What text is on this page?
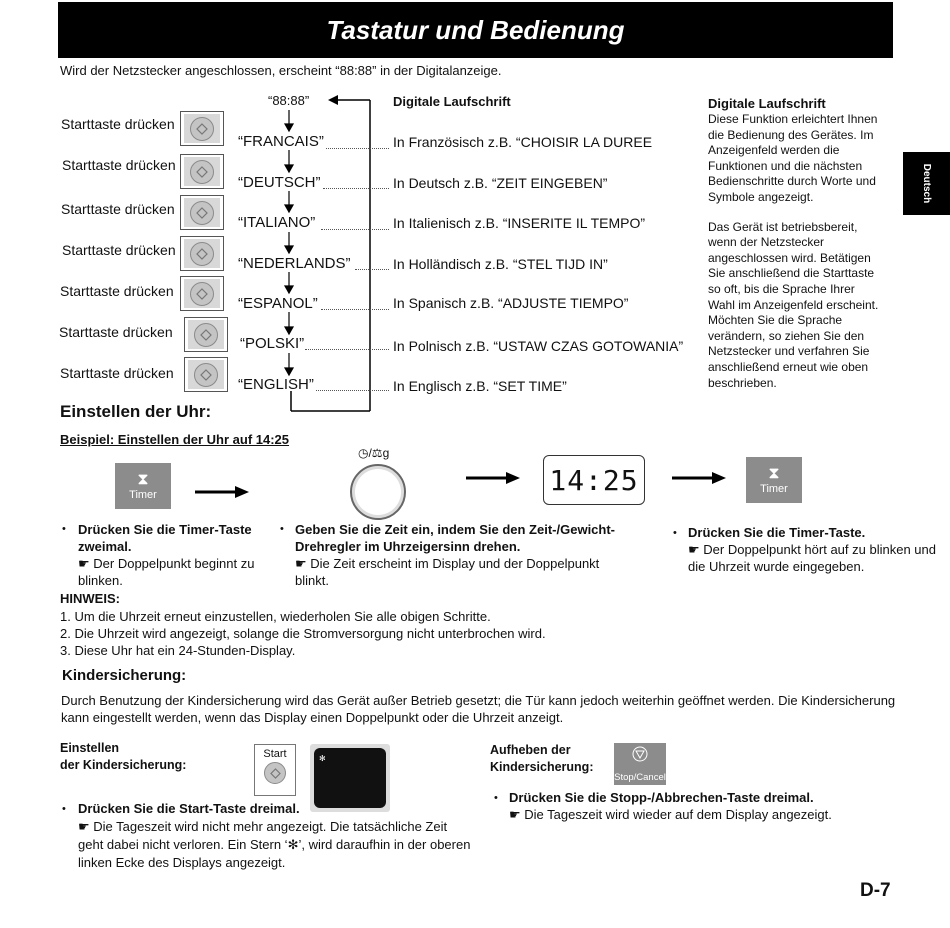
Tastatur und Bedienung
Deutsch
Wird der Netzstecker angeschlossen, erscheint “88:88” in der Digitalanzeige.
“88:88”	Digitale Laufschrift
Starttaste drücken
“FRANCAIS”	In Französisch z.B. “CHOISIR LA DUREE
Starttaste drücken
“DEUTSCH”	In Deutsch z.B. “ZEIT EINGEBEN”
Starttaste drücken
“ITALIANO”	In Italienisch z.B. “INSERITE IL TEMPO”
Starttaste drücken
“NEDERLANDS”	In Holländisch z.B. “STEL TIJD IN”
Starttaste drücken
“ESPANOL”	In Spanisch z.B. “ADJUSTE TIEMPO”
Starttaste drücken
“POLSKI”	In Polnisch z.B. “USTAW CZAS GOTOWANIA”
Starttaste drücken
“ENGLISH”	In Englisch z.B. “SET TIME”
Digitale Laufschrift
Diese Funktion erleichtert Ihnen
die Bedienung des Gerätes. Im
Anzeigenfeld werden die
Funktionen und die nächsten
Bedienschritte durch Worte und
Symbole angezeigt.
Das Gerät ist betriebsbereit,
wenn der Netzstecker
angeschlossen wird. Betätigen
Sie anschließend die Starttaste
so oft, bis die Sprache Ihrer
Wahl im Anzeigenfeld erscheint.
Möchten Sie die Sprache
verändern, so ziehen Sie den
Netzstecker und verfahren Sie
anschließend erneut wie oben
beschrieben.
Einstellen der Uhr:
Beispiel: Einstellen der Uhr auf 14:25
⧗
Timer
◷/⚖g
14:25	⧗
Timer
• Drücken Sie die Timer-Taste zweimal.
☛ Der Doppelpunkt beginnt zu blinken.
• Geben Sie die Zeit ein, indem Sie den Zeit-/Gewicht-Drehregler im Uhrzeigersinn drehen.
☛ Die Zeit erscheint im Display und der Doppelpunkt blinkt.
• Drücken Sie die Timer-Taste.
☛ Der Doppelpunkt hört auf zu blinken und die Uhrzeit wurde eingegeben.
HINWEIS:
1. Um die Uhrzeit erneut einzustellen, wiederholen Sie alle obigen Schritte.
2. Die Uhrzeit wird angezeigt, solange die Stromversorgung nicht unterbrochen wird.
3. Diese Uhr hat ein 24-Stunden-Display.
Kindersicherung:
Durch Benutzung der Kindersicherung wird das Gerät außer Betrieb gesetzt; die Tür kann jedoch weiterhin geöffnet werden. Die Kindersicherung kann eingestellt werden, wenn das Display einen Doppelpunkt oder die Uhrzeit anzeigt.
Einstellen
der Kindersicherung:
Start	✻
• Drücken Sie die Start-Taste dreimal.
☛ Die Tageszeit wird nicht mehr angezeigt. Die tatsächliche Zeit geht dabei nicht verloren. Ein Stern ‘✻’, wird daraufhin in der oberen linken Ecke des Displays angezeigt.
Aufheben der
Kindersicherung:
Stop/Cancel
• Drücken Sie die Stopp-/Abbrechen-Taste dreimal.
☛ Die Tageszeit wird wieder auf dem Display angezeigt.
D-7
